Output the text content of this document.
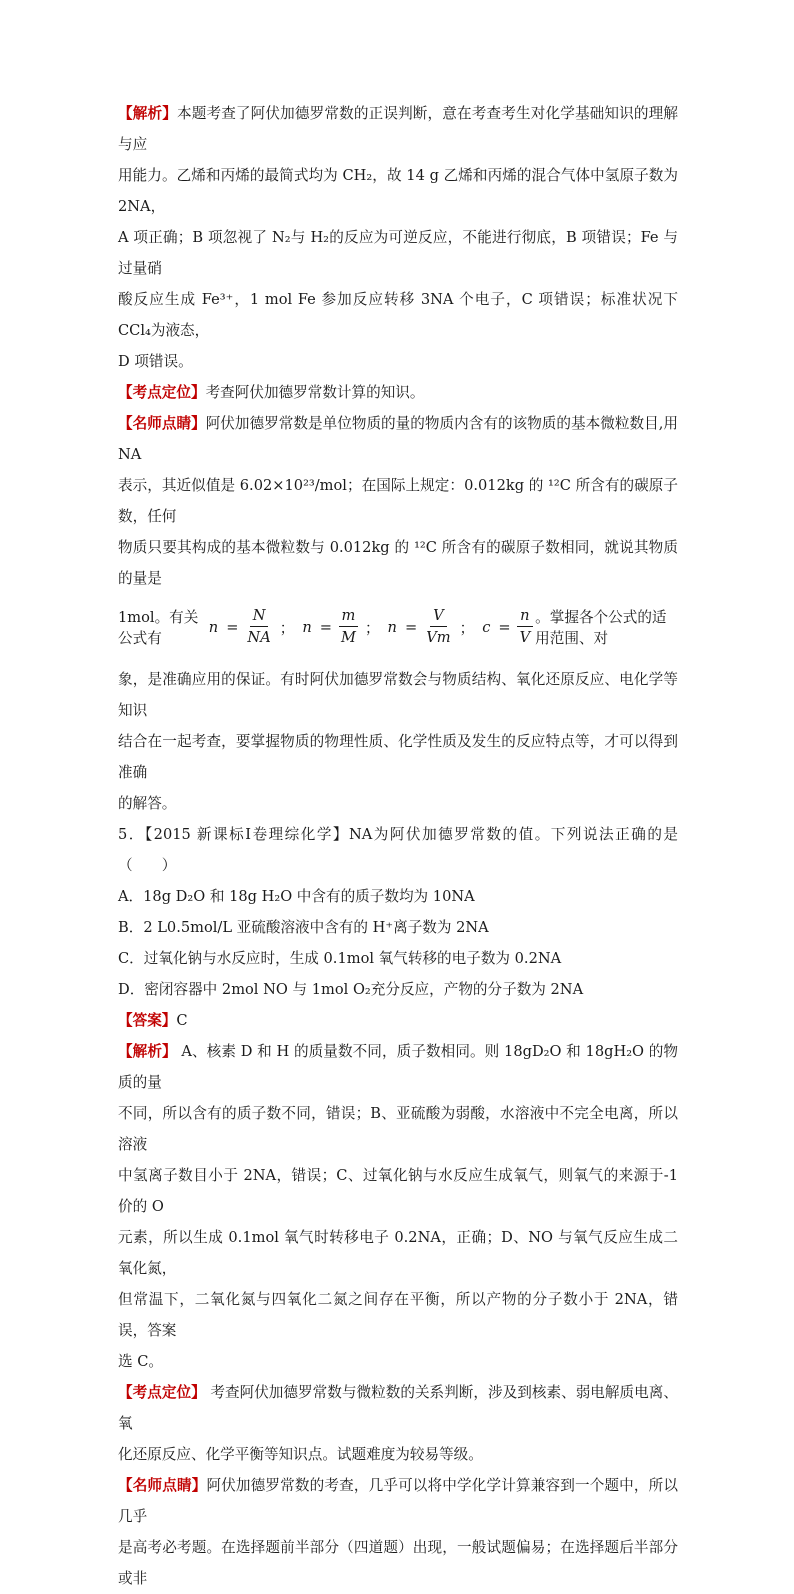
【解析】本题考查了阿伏加德罗常数的正误判断，意在考查考生对化学基础知识的理解与应

用能力。乙烯和丙烯的最简式均为 CH₂，故 14 g 乙烯和丙烯的混合气体中氢原子数为 2NA，

A 项正确；B 项忽视了 N₂与 H₂的反应为可逆反应，不能进行彻底，B 项错误；Fe 与过量硝

酸反应生成 Fe³⁺，1 mol Fe 参加反应转移 3NA 个电子，C 项错误；标准状况下 CCl₄为液态，

D 项错误。

【考点定位】考查阿伏加德罗常数计算的知识。

【名师点睛】阿伏加德罗常数是单位物质的量的物质内含有的该物质的基本微粒数目,用 NA

表示，其近似值是 6.02×10²³/mol；在国际上规定：0.012kg 的 ¹²C 所含有的碳原子数，任何

物质只要其构成的基本微粒数与 0.012kg 的 ¹²C 所含有的碳原子数相同，就说其物质的量是

1mol。有关公式有
$n = \frac{N}{NA}$ ； $n = \frac{m}{M}$ ； $n = \frac{V}{Vm}$ ； $c = \frac{n}{V}$ 。掌握各个公式的适用范围、对

象，是准确应用的保证。有时阿伏加德罗常数会与物质结构、氧化还原反应、电化学等知识

结合在一起考查，要掌握物质的物理性质、化学性质及发生的反应特点等，才可以得到准确

的解答。

5．【2015 新课标Ⅰ卷理综化学】NA为阿伏加德罗常数的值。下列说法正确的是（　　）

A．18g D₂O 和 18g H₂O 中含有的质子数均为 10NA

B．2 L0.5mol/L 亚硫酸溶液中含有的 H⁺离子数为 2NA

C．过氧化钠与水反应时，生成 0.1mol 氧气转移的电子数为 0.2NA

D．密闭容器中 2mol NO 与 1mol O₂充分反应，产物的分子数为 2NA

【答案】C

【解析】 A、核素 D 和 H 的质量数不同，质子数相同。则 18gD₂O 和 18gH₂O 的物质的量

不同，所以含有的质子数不同，错误；B、亚硫酸为弱酸，水溶液中不完全电离，所以溶液

中氢离子数目小于 2NA，错误；C、过氧化钠与水反应生成氧气，则氧气的来源于-1 价的 O

元素，所以生成 0.1mol 氧气时转移电子 0.2NA，正确；D、NO 与氧气反应生成二氧化氮，

但常温下，二氧化氮与四氧化二氮之间存在平衡，所以产物的分子数小于 2NA，错误，答案

选 C。

【考点定位】 考查阿伏加德罗常数与微粒数的关系判断，涉及到核素、弱电解质电离、氧

化还原反应、化学平衡等知识点。试题难度为较易等级。

【名师点睛】阿伏加德罗常数的考查，几乎可以将中学化学计算兼容到一个题中，所以几乎

是高考必考题。在选择题前半部分（四道题）出现，一般试题偏易；在选择题后半部分或非
